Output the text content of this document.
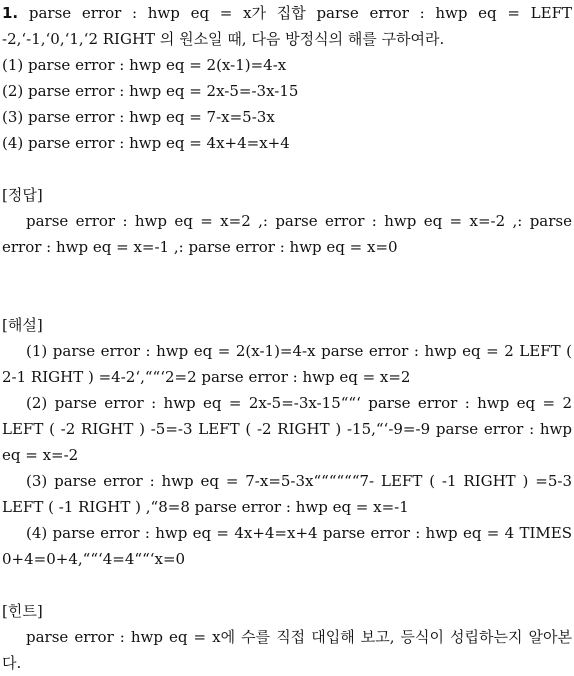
1. parse error : hwp eq = x가 집합 parse error : hwp eq = LEFT -2,‘-1,‘0,‘1,‘2 RIGHT 의 원소일 때, 다음 방정식의 해를 구하여라.

(1) parse error : hwp eq = 2(x-1)=4-x

(2) parse error : hwp eq = 2x-5=-3x-15

(3) parse error : hwp eq = 7-x=5-3x

(4) parse error : hwp eq = 4x+4=x+4

[정답]

parse error : hwp eq = x=2 ,: parse error : hwp eq = x=-2 ,: parse error : hwp eq = x=-1 ,: parse error : hwp eq = x=0

[해설]

(1) parse error : hwp eq = 2(x-1)=4-x parse error : hwp eq = 2 LEFT ( 2-1 RIGHT ) =4-2‘,““‘2=2 parse error : hwp eq = x=2

(2) parse error : hwp eq = 2x-5=-3x-15““‘ parse error : hwp eq = 2 LEFT ( -2 RIGHT ) -5=-3 LEFT ( -2 RIGHT ) -15,“‘-9=-9 parse error : hwp eq = x=-2

(3) parse error : hwp eq = 7-x=5-3x““““““7- LEFT ( -1 RIGHT ) =5-3 LEFT ( -1 RIGHT ) ,“8=8 parse error : hwp eq = x=-1

(4) parse error : hwp eq = 4x+4=x+4 parse error : hwp eq = 4 TIMES 0+4=0+4,““‘4=4““‘x=0

[힌트]

parse error : hwp eq = x에 수를 직접 대입해 보고, 등식이 성립하는지 알아본다.
